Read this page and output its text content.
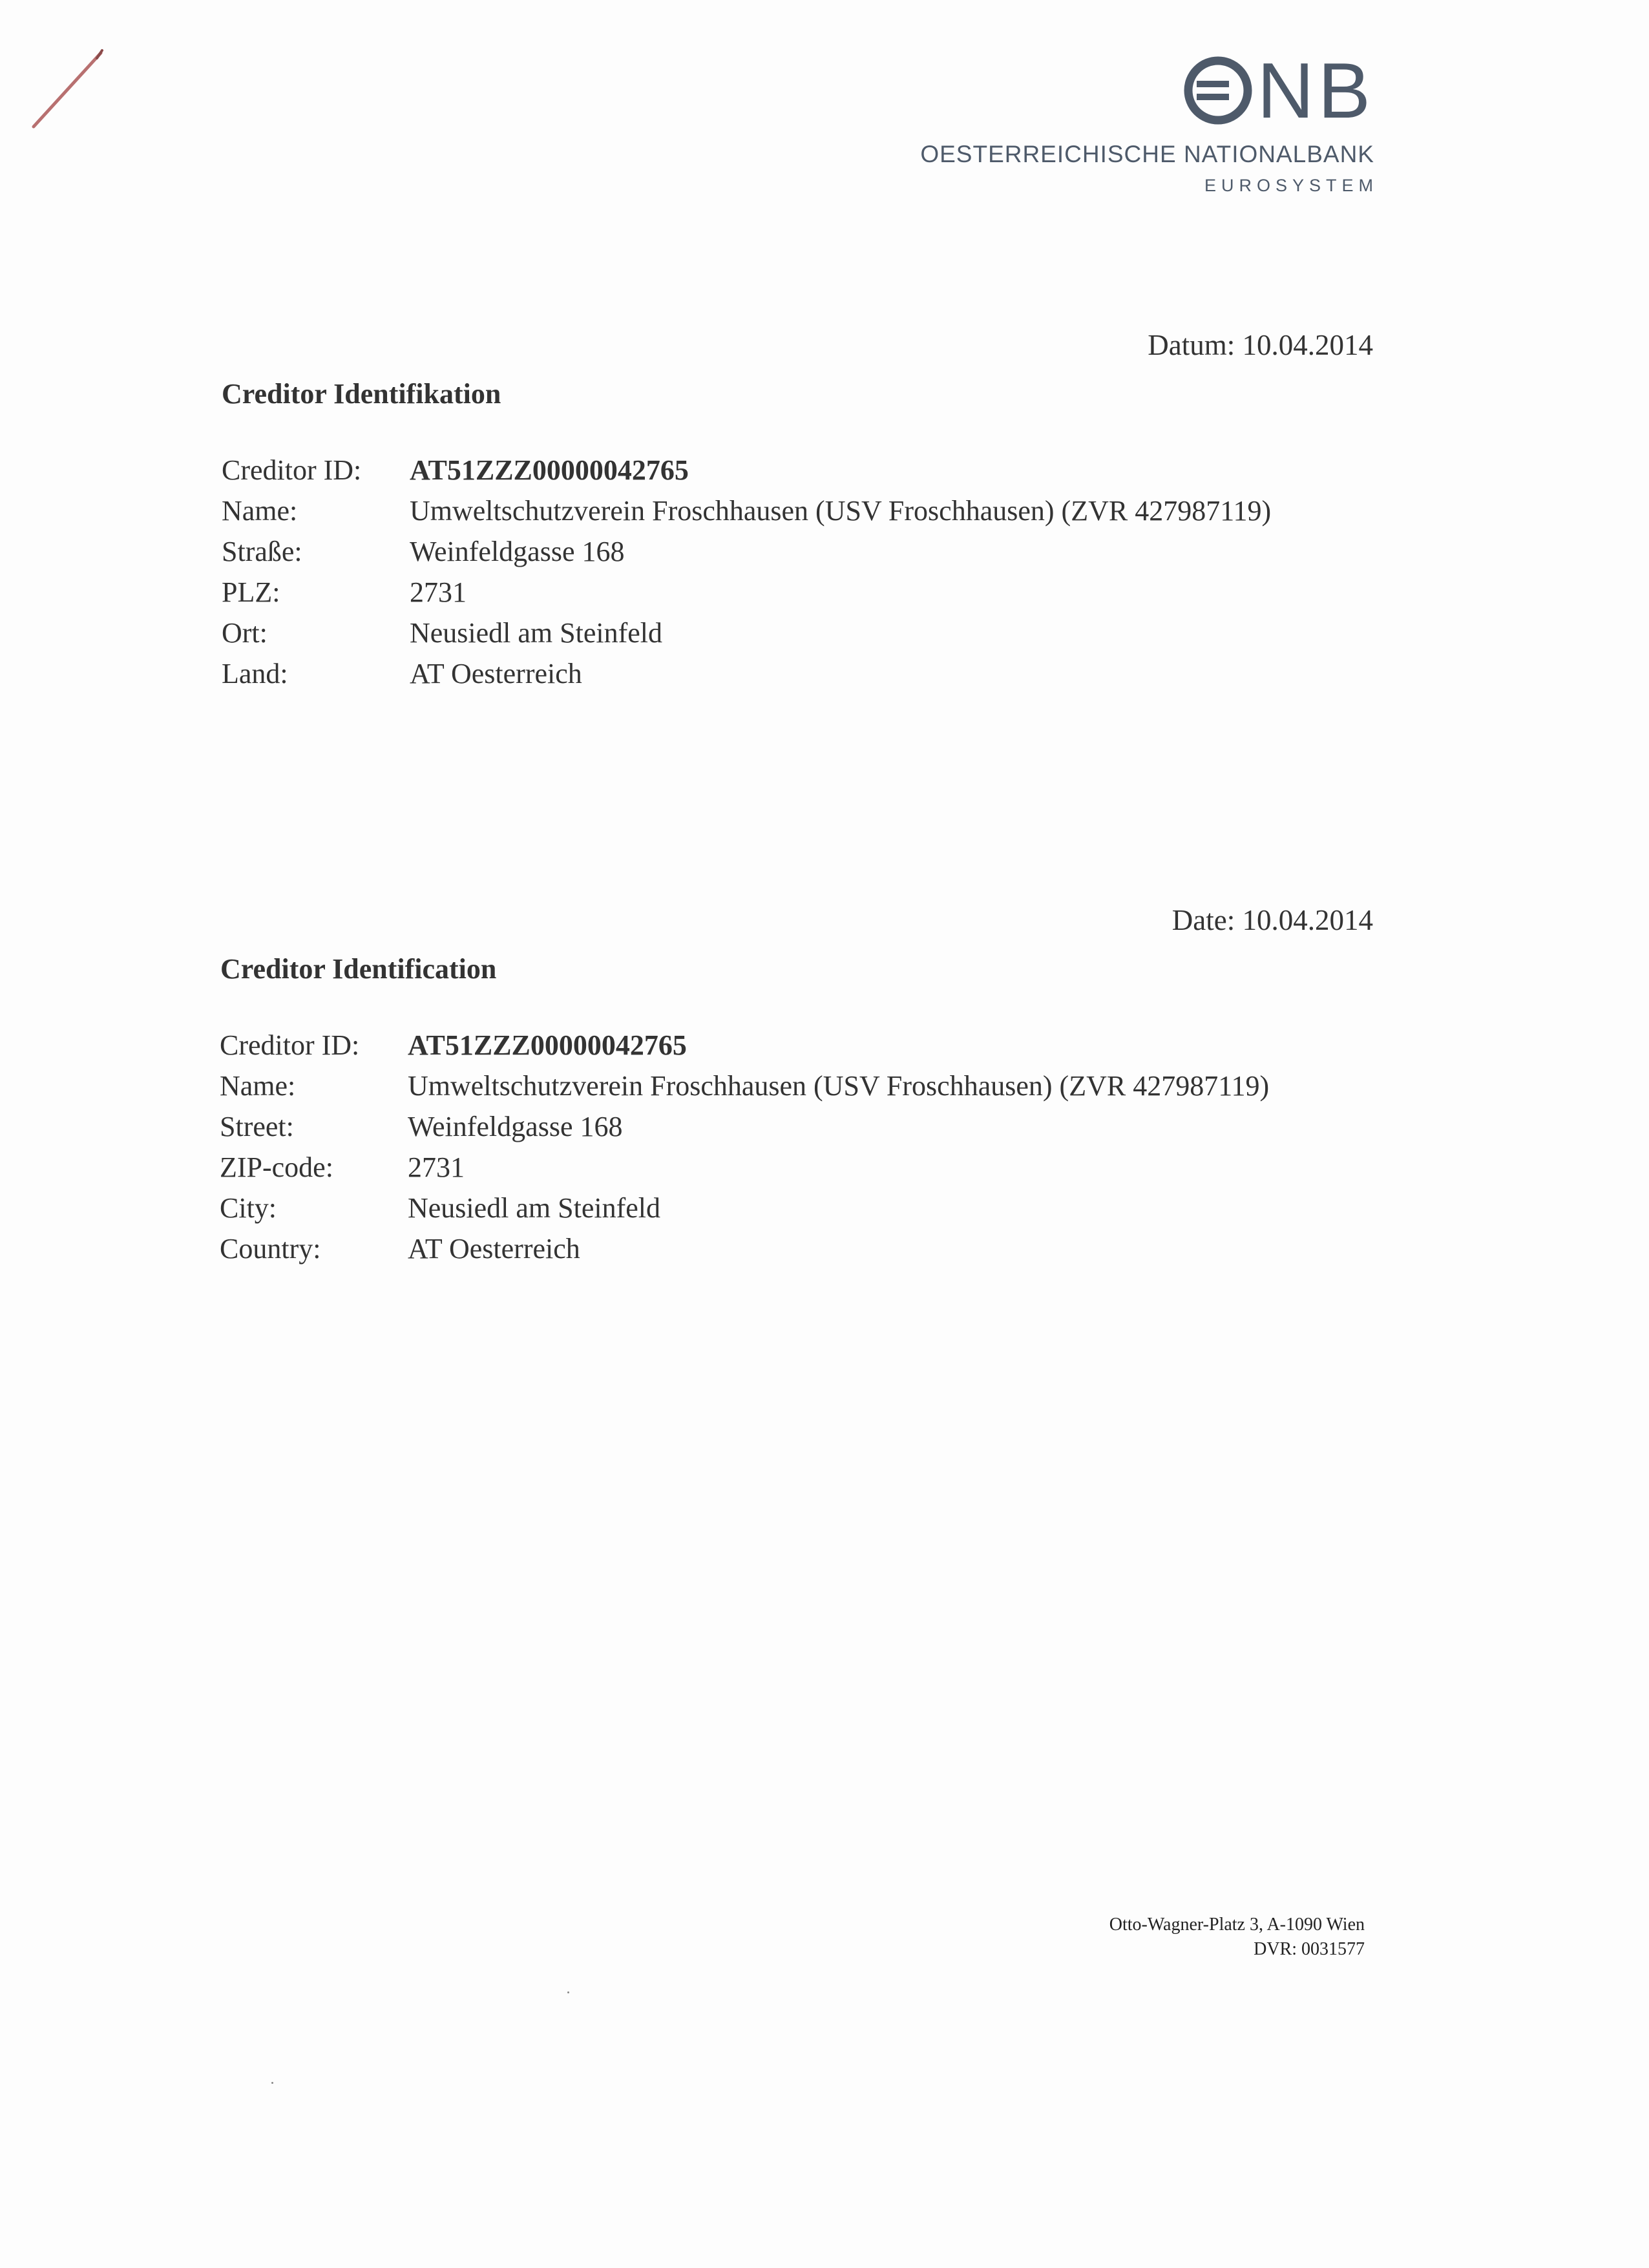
NB
OESTERREICHISCHE NATIONALBANK
EUROSYSTEM
Datum: 10.04.2014
Creditor Identifikation
Creditor ID:	AT51ZZZ00000042765
Name:	Umweltschutzverein Froschhausen (USV Froschhausen) (ZVR 427987119)
Straße:	Weinfeldgasse 168
PLZ:	2731
Ort:	Neusiedl am Steinfeld
Land:	AT Oesterreich
Date: 10.04.2014
Creditor Identification
Creditor ID:	AT51ZZZ00000042765
Name:	Umweltschutzverein Froschhausen (USV Froschhausen) (ZVR 427987119)
Street:	Weinfeldgasse 168
ZIP-code:	2731
City:	Neusiedl am Steinfeld
Country:	AT Oesterreich
Otto-Wagner-Platz 3, A-1090 Wien
DVR: 0031577
